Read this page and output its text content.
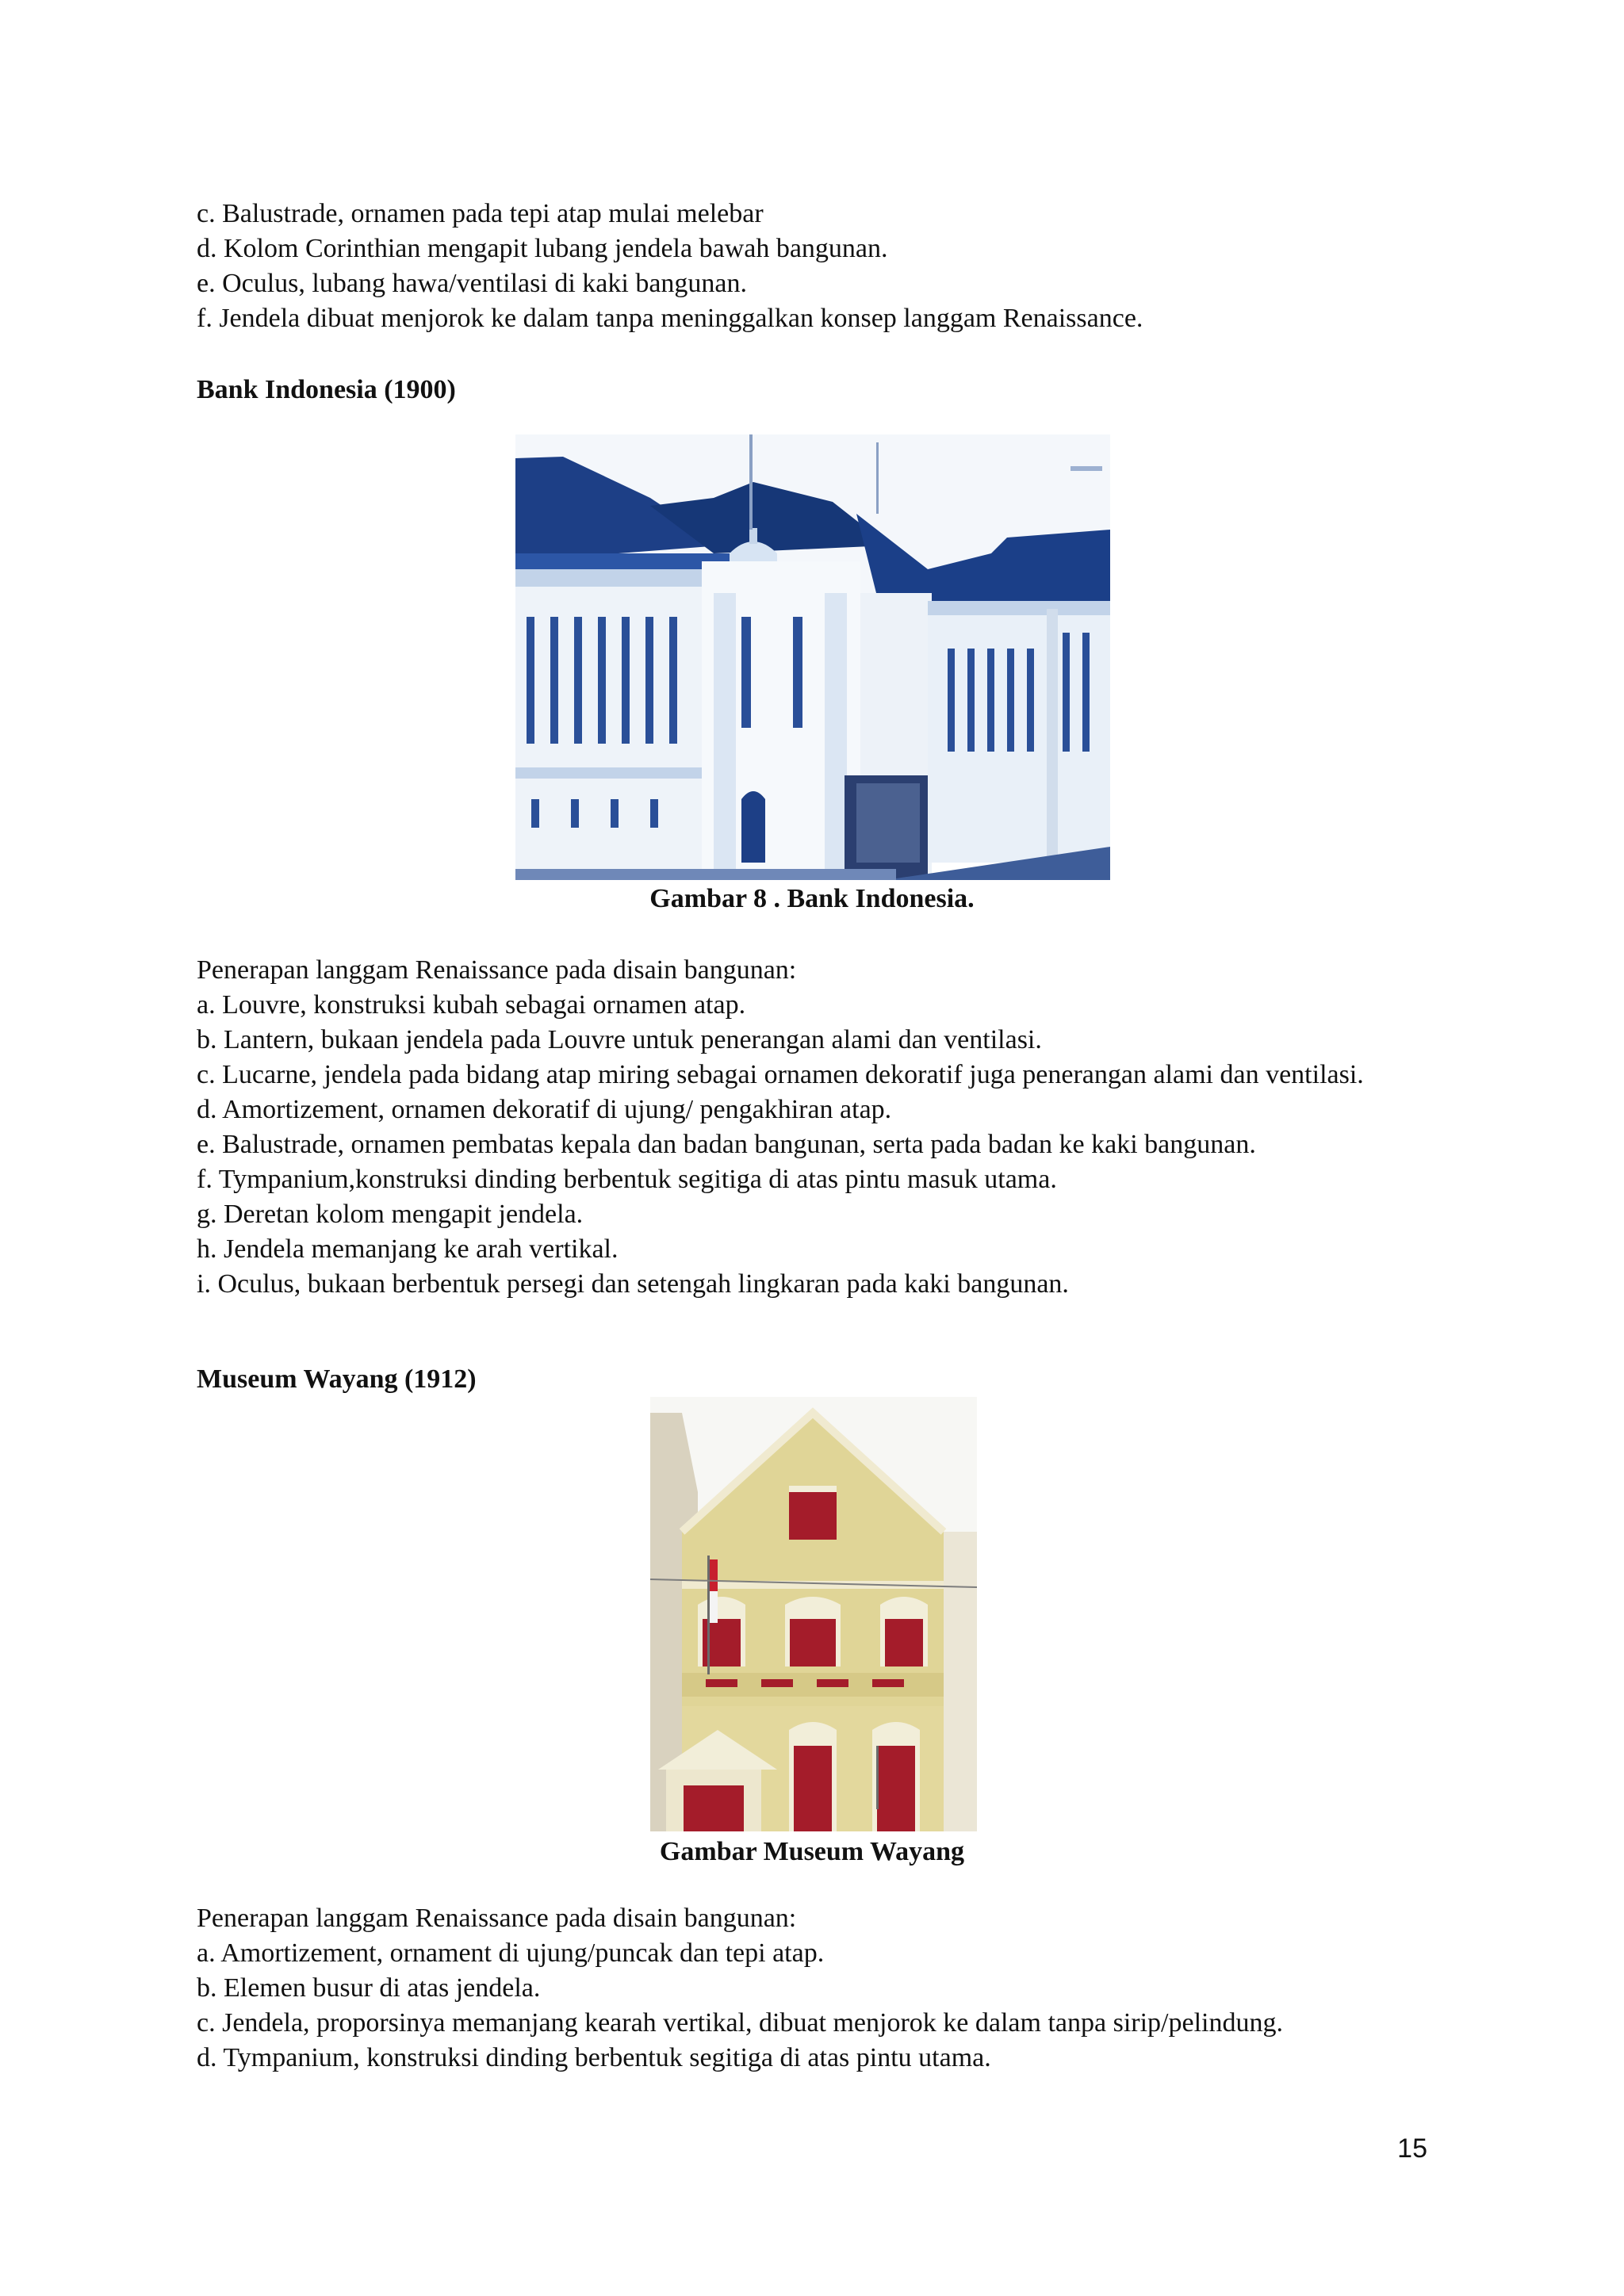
c. Balustrade, ornamen pada tepi atap mulai melebar
d. Kolom Corinthian mengapit lubang jendela bawah bangunan.
e. Oculus, lubang hawa/ventilasi di kaki bangunan.
f. Jendela dibuat menjorok ke dalam tanpa meninggalkan konsep langgam Renaissance.
Bank Indonesia (1900)
Gambar 8 . Bank Indonesia.
Penerapan langgam Renaissance pada disain bangunan:
a. Louvre, konstruksi kubah sebagai ornamen atap.
b. Lantern, bukaan jendela pada Louvre untuk penerangan alami dan ventilasi.
c. Lucarne, jendela pada bidang atap miring sebagai ornamen dekoratif juga penerangan alami dan ventilasi.
d. Amortizement, ornamen dekoratif di ujung/ pengakhiran atap.
e. Balustrade, ornamen pembatas kepala dan badan bangunan, serta pada badan ke kaki bangunan.
f. Tympanium,konstruksi dinding berbentuk segitiga di atas pintu masuk utama.
g. Deretan kolom mengapit jendela.
h. Jendela memanjang ke arah vertikal.
i. Oculus, bukaan berbentuk persegi dan setengah lingkaran pada kaki bangunan.
Museum Wayang (1912)
Gambar Museum Wayang
Penerapan langgam Renaissance pada disain bangunan:
a. Amortizement, ornament di ujung/puncak dan tepi atap.
b. Elemen busur di atas jendela.
c. Jendela, proporsinya memanjang kearah vertikal, dibuat menjorok ke dalam tanpa sirip/pelindung.
d. Tympanium, konstruksi dinding berbentuk segitiga di atas pintu utama.
15
